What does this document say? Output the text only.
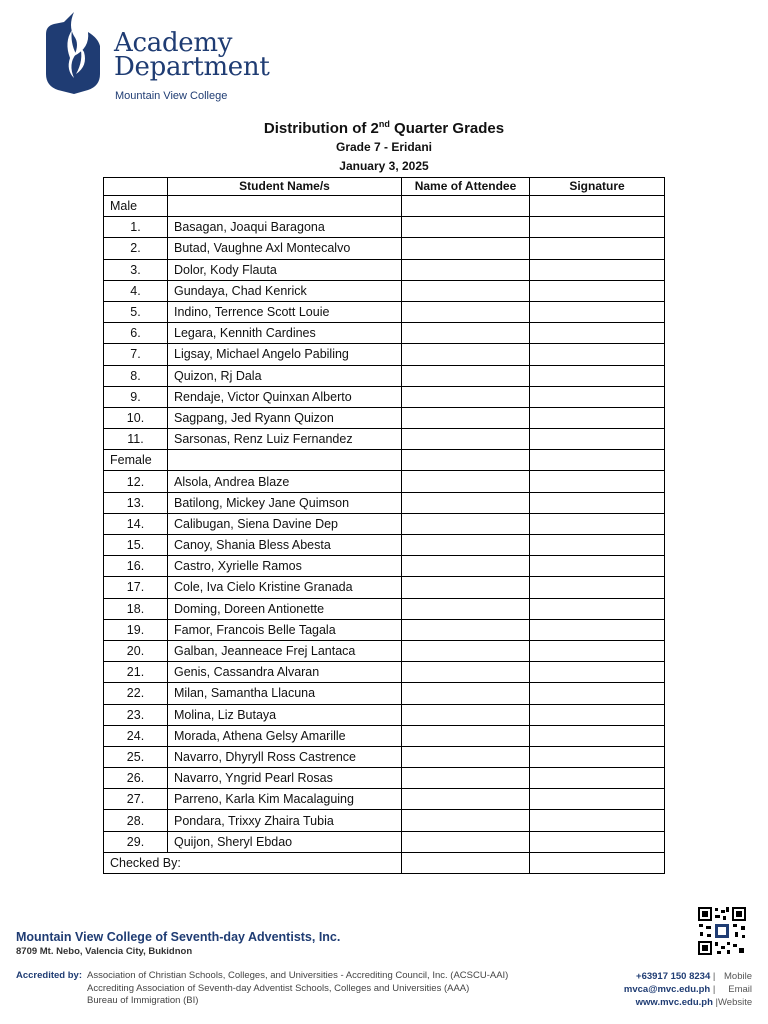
Academy
Department
Mountain View College
Distribution of 2nd Quarter Grades
Grade 7 - Eridani
January 3, 2025
	Student Name/s	Name of Attendee	Signature
Male			
1.	Basagan, Joaqui Baragona		
2.	Butad, Vaughne Axl Montecalvo		
3.	Dolor, Kody Flauta		
4.	Gundaya, Chad Kenrick		
5.	Indino, Terrence Scott Louie		
6.	Legara, Kennith Cardines		
7.	Ligsay, Michael Angelo Pabiling		
8.	Quizon, Rj Dala		
9.	Rendaje, Victor Quinxan Alberto		
10.	Sagpang, Jed Ryann Quizon		
11.	Sarsonas, Renz Luiz Fernandez		
Female			
12.	Alsola, Andrea Blaze		
13.	Batilong, Mickey Jane Quimson		
14.	Calibugan, Siena Davine Dep		
15.	Canoy, Shania Bless Abesta		
16.	Castro, Xyrielle Ramos		
17.	Cole, Iva Cielo Kristine Granada		
18.	Doming, Doreen Antionette		
19.	Famor, Francois Belle Tagala		
20.	Galban, Jeanneace Frej Lantaca		
21.	Genis, Cassandra Alvaran		
22.	Milan, Samantha Llacuna		
23.	Molina, Liz Butaya		
24.	Morada, Athena Gelsy Amarille		
25.	Navarro, Dhyryll Ross Castrence		
26.	Navarro, Yngrid Pearl Rosas		
27.	Parreno, Karla Kim Macalaguing		
28.	Pondara, Trixxy Zhaira Tubia		
29.	Quijon, Sheryl Ebdao		
Checked By:			
Mountain View College of Seventh-day Adventists, Inc.
8709 Mt. Nebo, Valencia City, Bukidnon
Accredited by: Association of Christian Schools, Colleges, and Universities - Accrediting Council, Inc. (ACSCU-AAI)
Accrediting Association of Seventh-day Adventist Schools, Colleges and Universities (AAA)
Bureau of Immigration (BI)
+63917 150 8234 | Mobile
mvca@mvc.edu.ph | Email
www.mvc.edu.ph |Website
